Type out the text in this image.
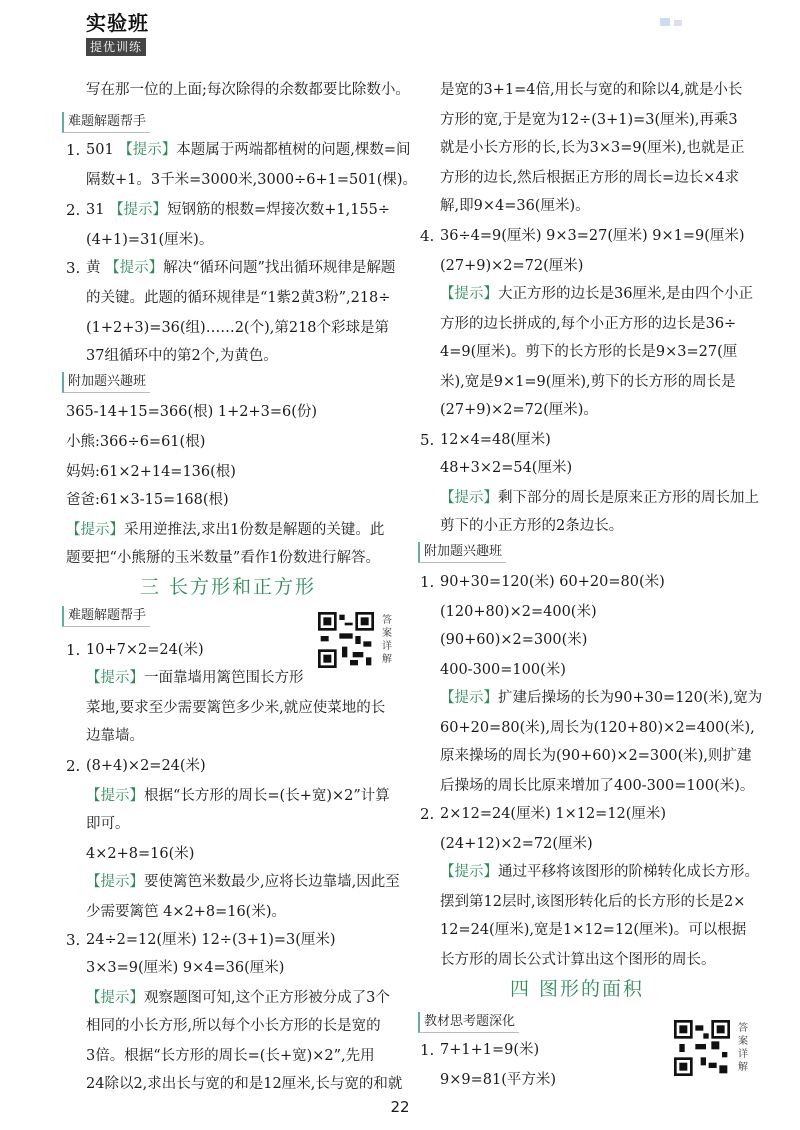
实验班
提优训练
写在那一位的上面;每次除得的余数都要比除数小。
难题解题帮手
1. 501 【提示】本题属于两端都植树的问题,棵数=间
隔数+1。3千米=3000米,3000÷6+1=501(棵)。
2. 31 【提示】短钢筋的根数=焊接次数+1,155÷
(4+1)=31(厘米)。
3. 黄 【提示】解决“循环问题”找出循环规律是解题
的关键。此题的循环规律是“1紫2黄3粉”,218÷
(1+2+3)=36(组)……2(个),第218个彩球是第
37组循环中的第2个,为黄色。
附加题兴趣班
365-14+15=366(根) 1+2+3=6(份)
小熊:366÷6=61(根)
妈妈:61×2+14=136(根)
爸爸:61×3-15=168(根)
【提示】采用逆推法,求出1份数是解题的关键。此
题要把“小熊掰的玉米数量”看作1份数进行解答。
三 长方形和正方形
难题解题帮手	答案详解
1. 10+7×2=24(米)
【提示】一面靠墙用篱笆围长方形
菜地,要求至少需要篱笆多少米,就应使菜地的长
边靠墙。
2. (8+4)×2=24(米)
【提示】根据“长方形的周长=(长+宽)×2”计算
即可。
4×2+8=16(米)
【提示】要使篱笆米数最少,应将长边靠墙,因此至
少需要篱笆 4×2+8=16(米)。
3. 24÷2=12(厘米) 12÷(3+1)=3(厘米)
3×3=9(厘米) 9×4=36(厘米)
【提示】观察题图可知,这个正方形被分成了3个
相同的小长方形,所以每个小长方形的长是宽的
3倍。根据“长方形的周长=(长+宽)×2”,先用
24除以2,求出长与宽的和是12厘米,长与宽的和就
是宽的3+1=4倍,用长与宽的和除以4,就是小长
方形的宽,于是宽为12÷(3+1)=3(厘米),再乘3
就是小长方形的长,长为3×3=9(厘米),也就是正
方形的边长,然后根据正方形的周长=边长×4求
解,即9×4=36(厘米)。
4. 36÷4=9(厘米) 9×3=27(厘米) 9×1=9(厘米)
(27+9)×2=72(厘米)
【提示】大正方形的边长是36厘米,是由四个小正
方形的边长拼成的,每个小正方形的边长是36÷
4=9(厘米)。剪下的长方形的长是9×3=27(厘
米),宽是9×1=9(厘米),剪下的长方形的周长是
(27+9)×2=72(厘米)。
5. 12×4=48(厘米)
48+3×2=54(厘米)
【提示】剩下部分的周长是原来正方形的周长加上
剪下的小正方形的2条边长。
附加题兴趣班
1. 90+30=120(米) 60+20=80(米)
(120+80)×2=400(米)
(90+60)×2=300(米)
400-300=100(米)
【提示】扩建后操场的长为90+30=120(米),宽为
60+20=80(米),周长为(120+80)×2=400(米),
原来操场的周长为(90+60)×2=300(米),则扩建
后操场的周长比原来增加了400-300=100(米)。
2. 2×12=24(厘米) 1×12=12(厘米)
(24+12)×2=72(厘米)
【提示】通过平移将该图形的阶梯转化成长方形。
摆到第12层时,该图形转化后的长方形的长是2×
12=24(厘米),宽是1×12=12(厘米)。可以根据
长方形的周长公式计算出这个图形的周长。
四 图形的面积
教材思考题深化	答案详解
1. 7+1+1=9(米)
9×9=81(平方米)
22
